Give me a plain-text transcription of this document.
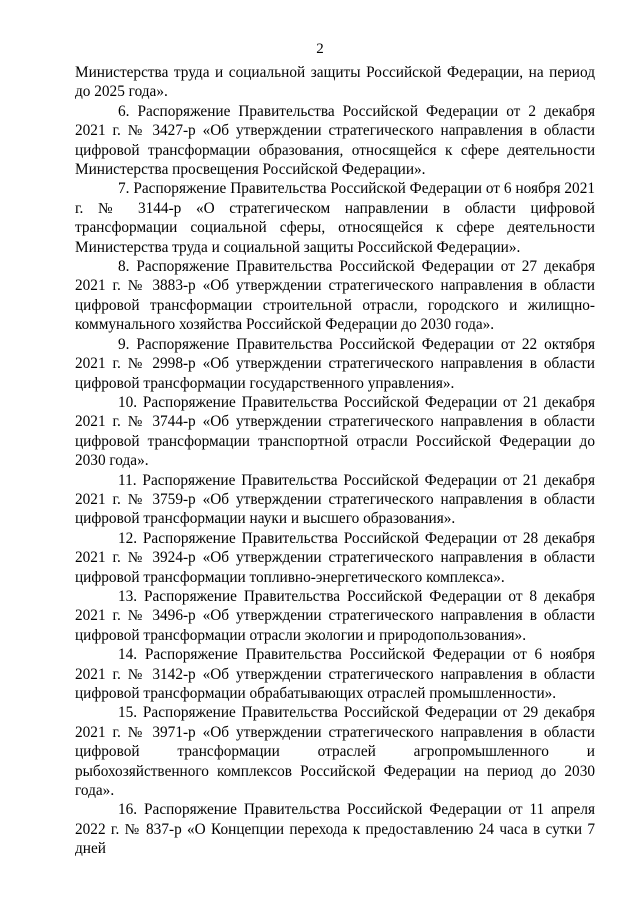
2

Министерства труда и социальной защиты Российской Федерации, на период до 2025 года».

6. Распоряжение Правительства Российской Федерации от 2 декабря 2021 г. № 3427-р «Об утверждении стратегического направления в области цифровой трансформации образования, относящейся к сфере деятельности Министерства просвещения Российской Федерации».

7. Распоряжение Правительства Российской Федерации от 6 ноября 2021 г. № 3144-р «О стратегическом направлении в области цифровой трансформации социальной сферы, относящейся к сфере деятельности Министерства труда и социальной защиты Российской Федерации».

8. Распоряжение Правительства Российской Федерации от 27 декабря 2021 г. № 3883-р «Об утверждении стратегического направления в области цифровой трансформации строительной отрасли, городского и жилищно-коммунального хозяйства Российской Федерации до 2030 года».

9. Распоряжение Правительства Российской Федерации от 22 октября 2021 г. № 2998-р «Об утверждении стратегического направления в области цифровой трансформации государственного управления».

10. Распоряжение Правительства Российской Федерации от 21 декабря 2021 г. № 3744-р «Об утверждении стратегического направления в области цифровой трансформации транспортной отрасли Российской Федерации до 2030 года».

11. Распоряжение Правительства Российской Федерации от 21 декабря 2021 г. № 3759-р «Об утверждении стратегического направления в области цифровой трансформации науки и высшего образования».

12. Распоряжение Правительства Российской Федерации от 28 декабря 2021 г. № 3924-р «Об утверждении стратегического направления в области цифровой трансформации топливно-энергетического комплекса».

13. Распоряжение Правительства Российской Федерации от 8 декабря 2021 г. № 3496-р «Об утверждении стратегического направления в области цифровой трансформации отрасли экологии и природопользования».

14. Распоряжение Правительства Российской Федерации от 6 ноября 2021 г. № 3142-р «Об утверждении стратегического направления в области цифровой трансформации обрабатывающих отраслей промышленности».

15. Распоряжение Правительства Российской Федерации от 29 декабря 2021 г. № 3971-р «Об утверждении стратегического направления в области цифровой трансформации отраслей агропромышленного и рыбохозяйственного комплексов Российской Федерации на период до 2030 года».

16. Распоряжение Правительства Российской Федерации от 11 апреля 2022 г. № 837-р «О Концепции перехода к предоставлению 24 часа в сутки 7 дней
